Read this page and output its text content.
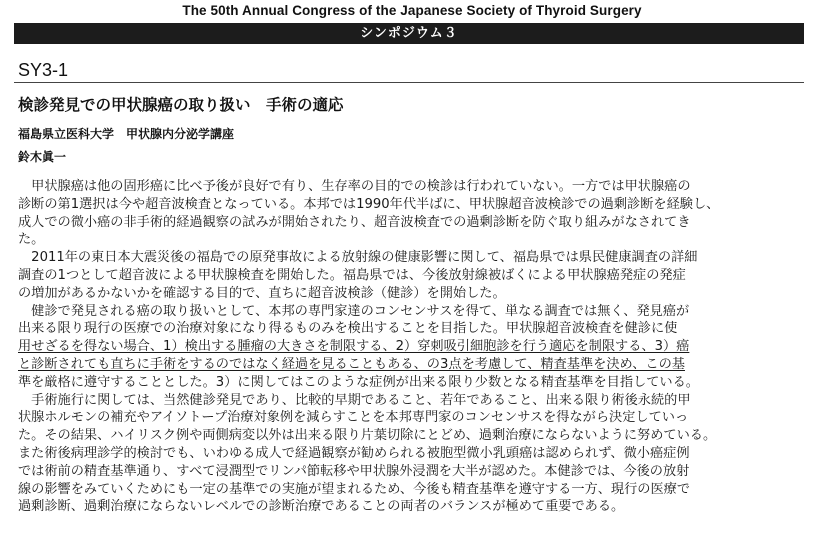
The 50th Annual Congress of the Japanese Society of Thyroid Surgery
シンポジウム３
SY3-1
検診発見での甲状腺癌の取り扱い　手術の適応
福島県立医科大学　甲状腺内分泌学講座
鈴木眞一
　甲状腺癌は他の固形癌に比べ予後が良好で有り、生存率の目的での検診は行われていない。一方では甲状腺癌の
診断の第1選択は今や超音波検査となっている。本邦では1990年代半ばに、甲状腺超音波検診での過剰診断を経験し、
成人での微小癌の非手術的経過観察の試みが開始されたり、超音波検査での過剰診断を防ぐ取り組みがなされてき
た。
　2011年の東日本大震災後の福島での原発事故による放射線の健康影響に関して、福島県では県民健康調査の詳細
調査の1つとして超音波による甲状腺検査を開始した。福島県では、今後放射線被ばくによる甲状腺癌発症の発症
の増加があるかないかを確認する目的で、直ちに超音波検診（健診）を開始した。
　健診で発見される癌の取り扱いとして、本邦の専門家達のコンセンサスを得て、単なる調査では無く、発見癌が
出来る限り現行の医療での治療対象になり得るものみを検出することを目指した。甲状腺超音波検査を健診に使
用せざるを得ない場合、1）検出する腫瘤の大きさを制限する、2）穿刺吸引細胞診を行う適応を制限する、3）癌
と診断されても直ちに手術をするのではなく経過を見ることもある、の3点を考慮して、精査基準を決め、この基
準を厳格に遵守することとした。3）に関してはこのような症例が出来る限り少数となる精査基準を目指している。
　手術施行に関しては、当然健診発見であり、比較的早期であること、若年であること、出来る限り術後永続的甲
状腺ホルモンの補充やアイソトープ治療対象例を減らすことを本邦専門家のコンセンサスを得ながら決定していっ
た。その結果、ハイリスク例や両側病変以外は出来る限り片葉切除にとどめ、過剰治療にならないように努めている。
また術後病理診学的検討でも、いわゆる成人で経過観察が勧められる被胞型微小乳頭癌は認められず、微小癌症例
では術前の精査基準通り、すべて浸潤型でリンパ節転移や甲状腺外浸潤を大半が認めた。本健診では、今後の放射
線の影響をみていくためにも一定の基準での実施が望まれるため、今後も精査基準を遵守する一方、現行の医療で
過剰診断、過剰治療にならないレベルでの診断治療であることの両者のバランスが極めて重要である。
